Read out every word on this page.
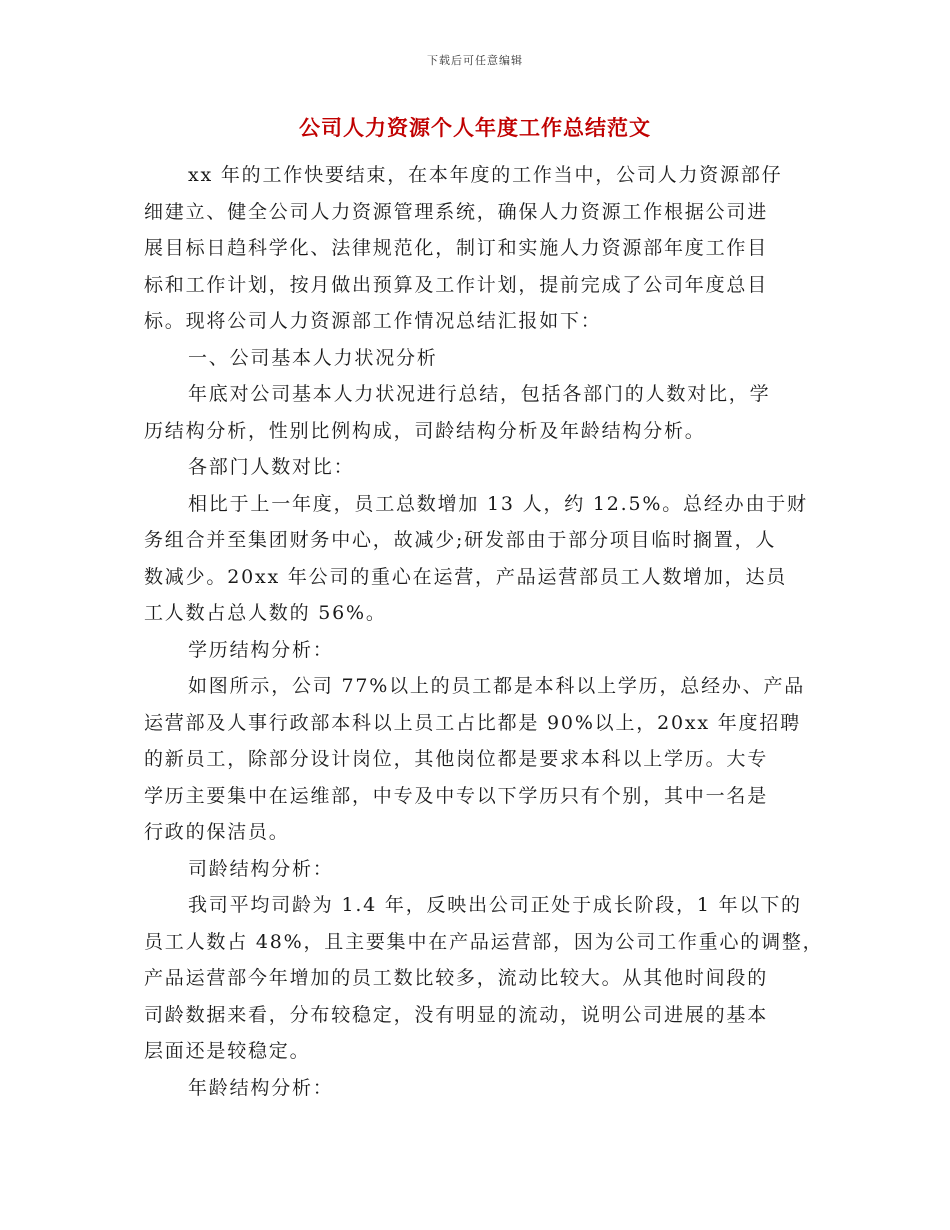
下载后可任意编辑
公司人力资源个人年度工作总结范文
xx 年的工作快要结束，在本年度的工作当中，公司人力资源部仔
细建立、健全公司人力资源管理系统，确保人力资源工作根据公司进
展目标日趋科学化、法律规范化，制订和实施人力资源部年度工作目
标和工作计划，按月做出预算及工作计划，提前完成了公司年度总目
标。现将公司人力资源部工作情况总结汇报如下：
一、公司基本人力状况分析
年底对公司基本人力状况进行总结，包括各部门的人数对比，学
历结构分析，性别比例构成，司龄结构分析及年龄结构分析。
各部门人数对比：
相比于上一年度，员工总数增加 13 人，约 12.5%。总经办由于财
务组合并至集团财务中心，故减少;研发部由于部分项目临时搁置，人
数减少。20xx 年公司的重心在运营，产品运营部员工人数增加，达员
工人数占总人数的 56%。
学历结构分析：
如图所示，公司 77%以上的员工都是本科以上学历，总经办、产品
运营部及人事行政部本科以上员工占比都是 90%以上，20xx 年度招聘
的新员工，除部分设计岗位，其他岗位都是要求本科以上学历。大专
学历主要集中在运维部，中专及中专以下学历只有个别，其中一名是
行政的保洁员。
司龄结构分析：
我司平均司龄为 1.4 年，反映出公司正处于成长阶段，1 年以下的
员工人数占 48%，且主要集中在产品运营部，因为公司工作重心的调整，
产品运营部今年增加的员工数比较多，流动比较大。从其他时间段的
司龄数据来看，分布较稳定，没有明显的流动，说明公司进展的基本
层面还是较稳定。
年龄结构分析：
